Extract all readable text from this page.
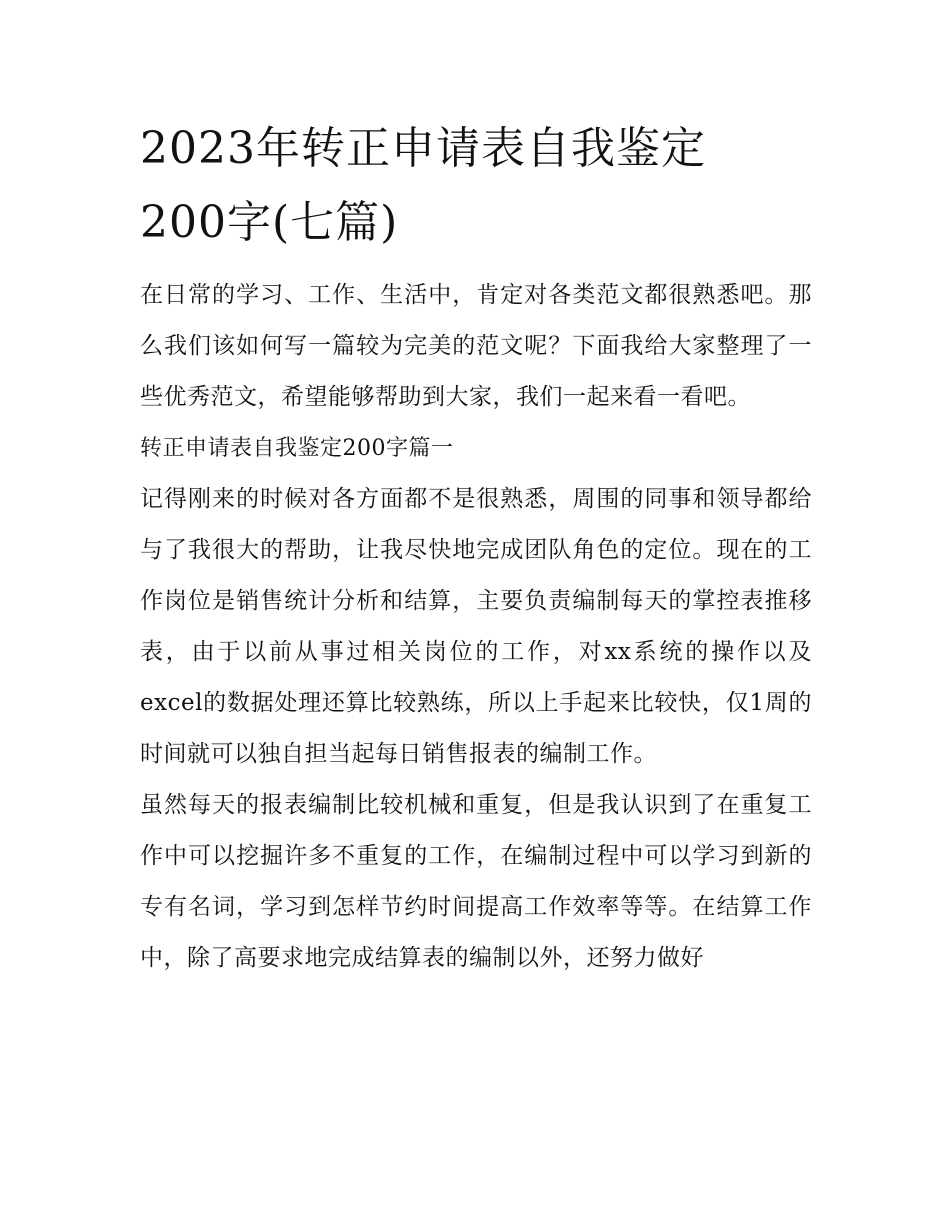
2023年转正申请表自我鉴定
200字(七篇)

在日常的学习、工作、生活中，肯定对各类范文都很熟悉吧。那么我们该如何写一篇较为完美的范文呢？下面我给大家整理了一些优秀范文，希望能够帮助到大家，我们一起来看一看吧。

转正申请表自我鉴定200字篇一

记得刚来的时候对各方面都不是很熟悉，周围的同事和领导都给与了我很大的帮助，让我尽快地完成团队角色的定位。现在的工作岗位是销售统计分析和结算，主要负责编制每天的掌控表推移表，由于以前从事过相关岗位的工作，对xx系统的操作以及excel的数据处理还算比较熟练，所以上手起来比较快，仅1周的时间就可以独自担当起每日销售报表的编制工作。

虽然每天的报表编制比较机械和重复，但是我认识到了在重复工作中可以挖掘许多不重复的工作，在编制过程中可以学习到新的专有名词，学习到怎样节约时间提高工作效率等等。在结算工作中，除了高要求地完成结算表的编制以外，还努力做好
